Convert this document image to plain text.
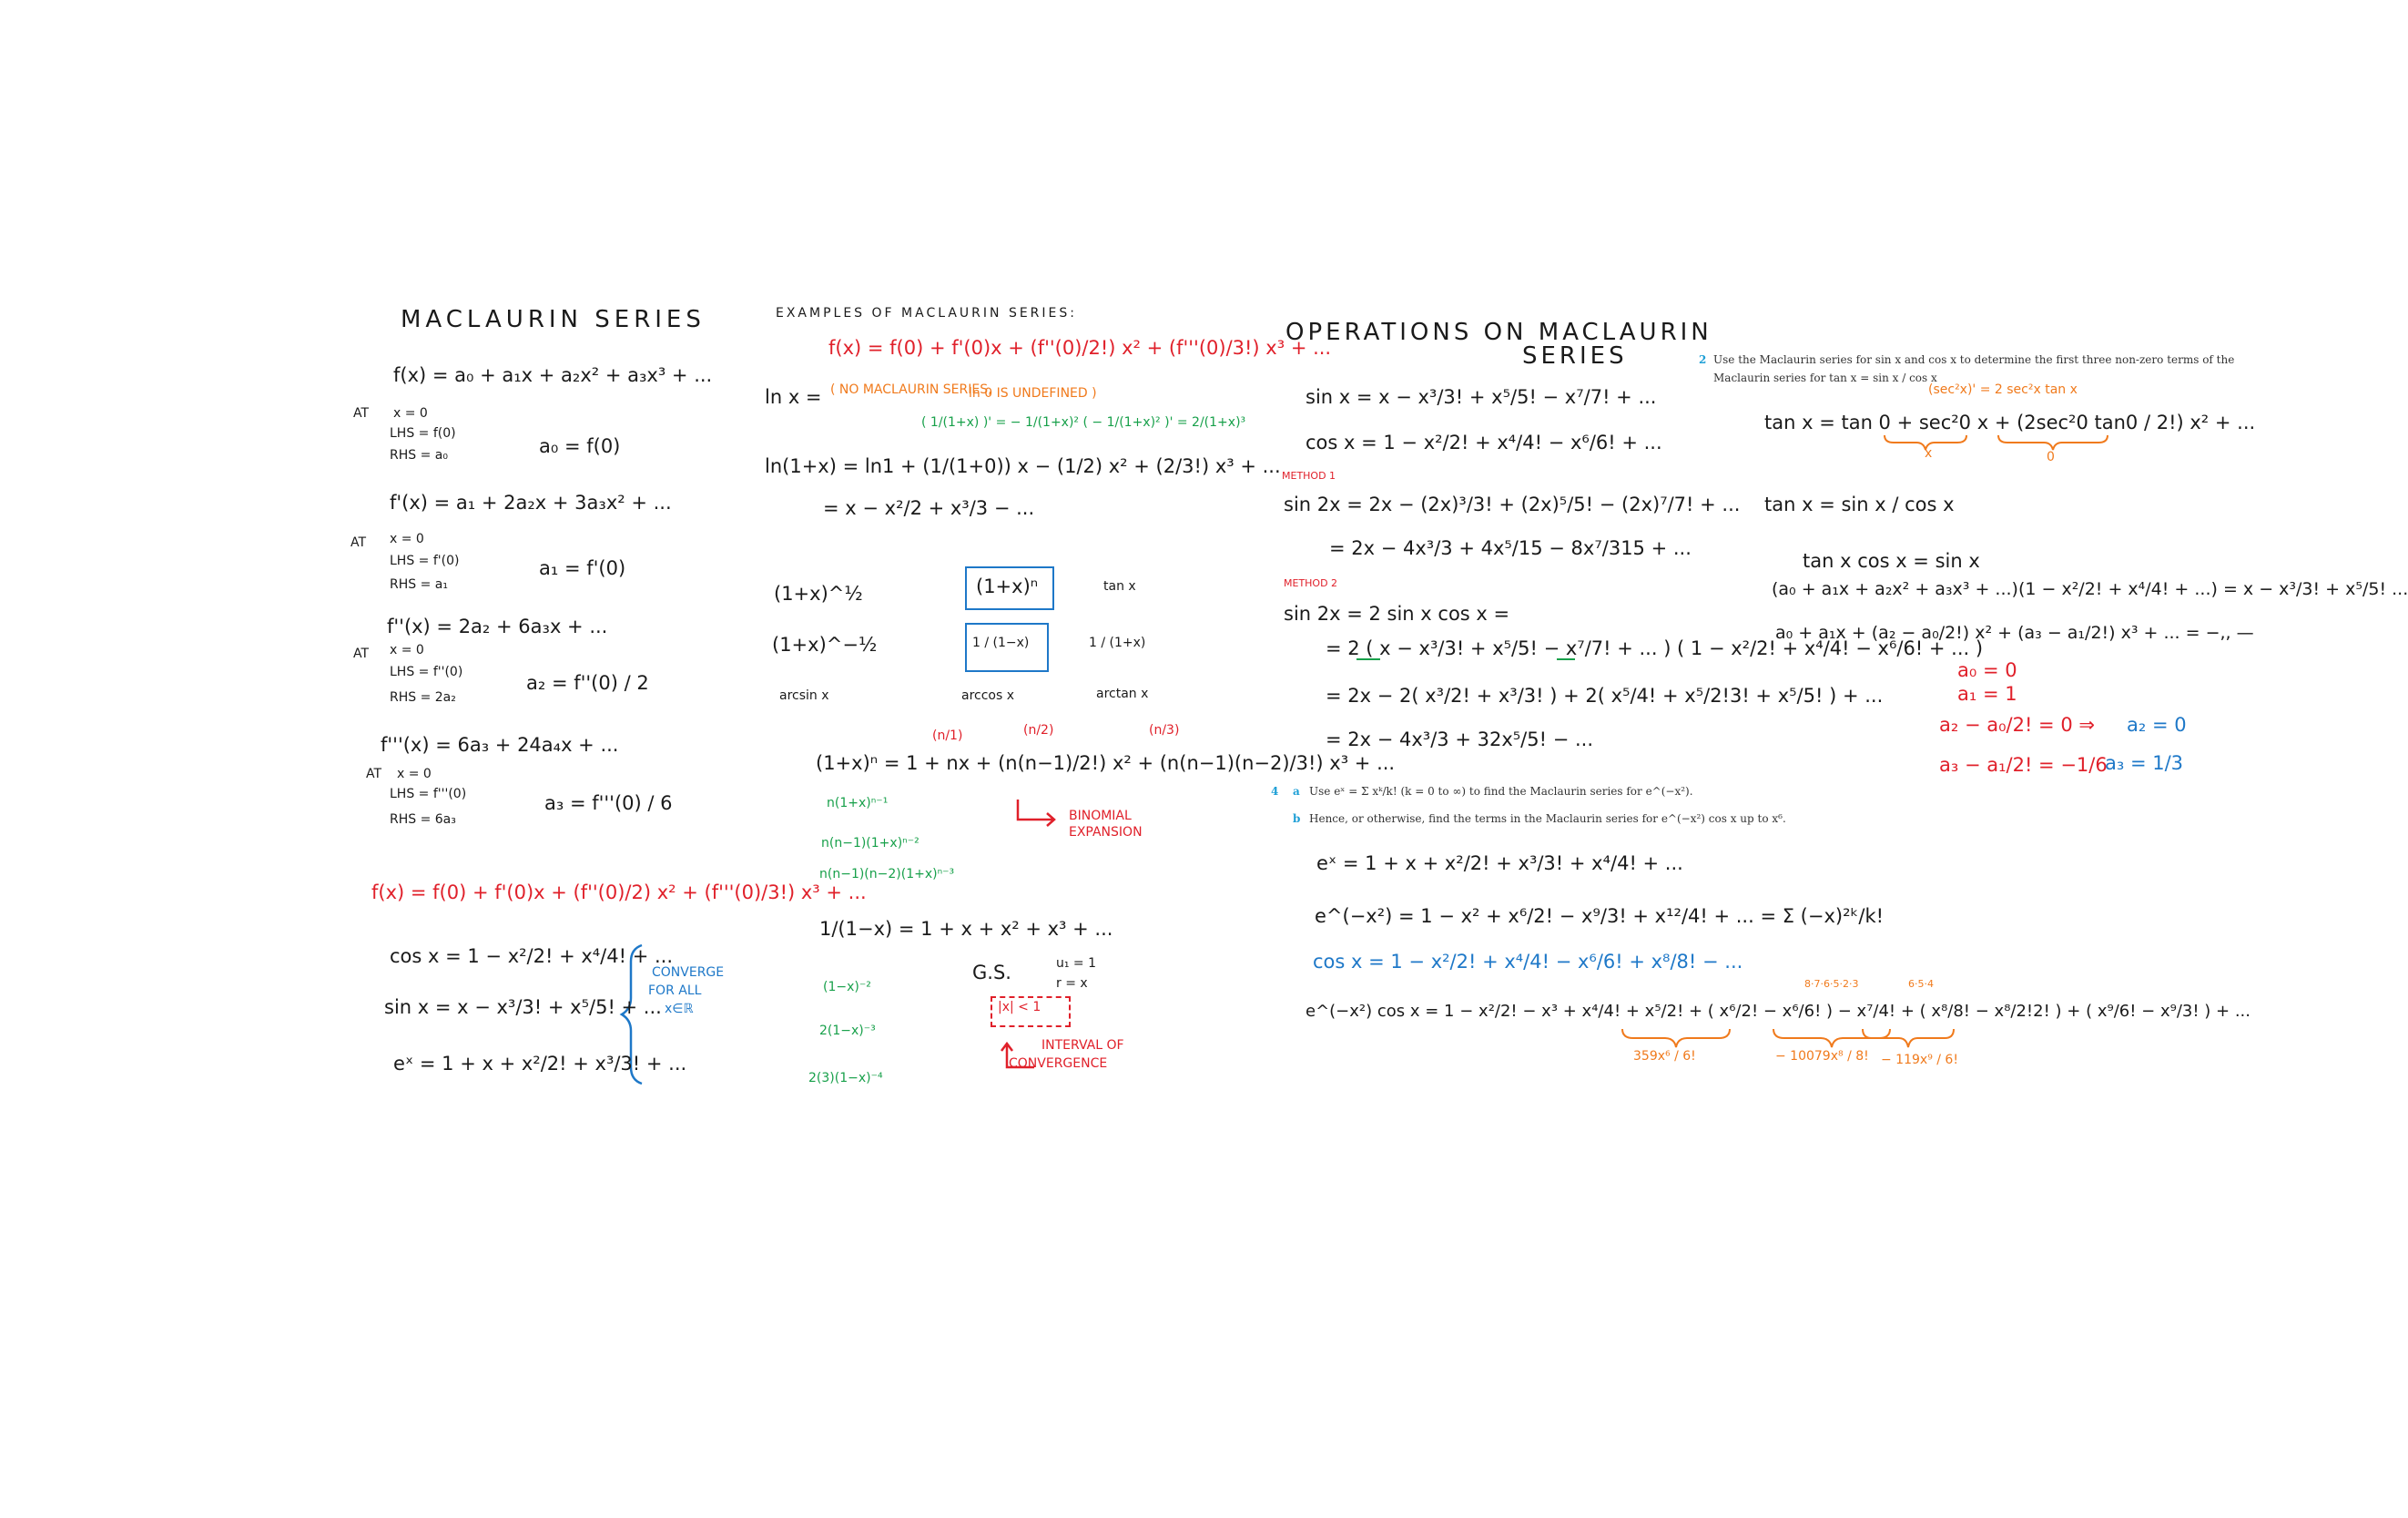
MACLAURIN SERIES
f(x) = a₀ + a₁x + a₂x² + a₃x³ + ...
AT x = 0
LHS = f(0)
RHS = a₀	a₀ = f(0)
f'(x) = a₁ + 2a₂x + 3a₃x² + ...
AT x = 0
LHS = f'(0)
RHS = a₁
a₁ = f'(0)
f''(x) = 2a₂ + 6a₃x + ...
AT x = 0
LHS = f''(0)
RHS = 2a₂
a₂ = f''(0) / 2
f'''(x) = 6a₃ + 24a₄x + ...
AT x = 0
LHS = f'''(0)
RHS = 6a₃
a₃ = f'''(0) / 6
f(x) = f(0) + f'(0)x + (f''(0)/2) x² + (f'''(0)/3!) x³ + ...
cos x = 1 − x²/2! + x⁴/4! + ...
sin x = x − x³/3! + x⁵/5! + ...
eˣ = 1 + x + x²/2! + x³/3! + ...
CONVERGE
FOR ALL
x∈ℝ
EXAMPLES OF MACLAURIN SERIES:
f(x) = f(0) + f'(0)x + (f''(0)/2!) x² + (f'''(0)/3!) x³ + ...
ln x = ( NO MACLAURIN SERIES,
ln 0 IS UNDEFINED )
( 1/(1+x) )' = − 1/(1+x)² ( − 1/(1+x)² )' = 2/(1+x)³
ln(1+x) = ln1 + (1/(1+0)) x − (1/2) x² + (2/3!) x³ + ...
= x − x²/2 + x³/3 − ...
(1+x)^½	(1+x)ⁿ	tan x
(1+x)^−½	1 / (1−x)	1 / (1+x)
arcsin x	arccos x	arctan x
(n/1)	(n/2)	(n/3)
(1+x)ⁿ = 1 + nx + (n(n−1)/2!) x² + (n(n−1)(n−2)/3!) x³ + ...
n(1+x)ⁿ⁻¹
n(n−1)(1+x)ⁿ⁻²
n(n−1)(n−2)(1+x)ⁿ⁻³
BINOMIAL
EXPANSION
1/(1−x) = 1 + x + x² + x³ + ...
G.S.	u₁ = 1
r = x
(1−x)⁻²
|x| < 1
2(1−x)⁻³
INTERVAL OF
CONVERGENCE
2(3)(1−x)⁻⁴
OPERATIONS ON MACLAURIN
SERIES
sin x = x − x³/3! + x⁵/5! − x⁷/7! + ...
cos x = 1 − x²/2! + x⁴/4! − x⁶/6! + ...
METHOD 1
sin 2x = 2x − (2x)³/3! + (2x)⁵/5! − (2x)⁷/7! + ...
= 2x − 4x³/3 + 4x⁵/15 − 8x⁷/315 + ...
METHOD 2
sin 2x = 2 sin x cos x =
= 2 ( x − x³/3! + x⁵/5! − x⁷/7! + ... ) ( 1 − x²/2! + x⁴/4! − x⁶/6! + ... )
= 2x − 2( x³/2! + x³/3! ) + 2( x⁵/4! + x⁵/2!3! + x⁵/5! ) + ...
= 2x − 4x³/3 + 32x⁵/5! − ...
4 a Use eˣ = Σ xᵏ/k! (k = 0 to ∞) to find the Maclaurin series for e^(−x²).
b Hence, or otherwise, find the terms in the Maclaurin series for e^(−x²) cos x up to x⁶.
eˣ = 1 + x + x²/2! + x³/3! + x⁴/4! + ...
e^(−x²) = 1 − x² + x⁶/2! − x⁹/3! + x¹²/4! + ... = Σ (−x)²ᵏ/k!
cos x = 1 − x²/2! + x⁴/4! − x⁶/6! + x⁸/8! − ...
8·7·6·5·2·3	6·5·4
e^(−x²) cos x = 1 − x²/2! − x³ + x⁴/4! + x⁵/2! + ( x⁶/2! − x⁶/6! ) − x⁷/4! + ( x⁸/8! − x⁸/2!2! ) + ( x⁹/6! − x⁹/3! ) + ...
359x⁶ / 6!	− 10079x⁸ / 8! − 119x⁹ / 6!
2 Use the Maclaurin series for sin x and cos x to determine the first three non-zero terms of the
Maclaurin series for tan x = sin x / cos x
(sec²x)' = 2 sec²x tan x
tan x = tan 0 + sec²0 x + (2sec²0 tan0 / 2!) x² + ...
x	0
tan x = sin x / cos x
tan x cos x = sin x
(a₀ + a₁x + a₂x² + a₃x³ + ...)(1 − x²/2! + x⁴/4! + ...) = x − x³/3! + x⁵/5! ...
a₀ + a₁x + (a₂ − a₀/2!) x² + (a₃ − a₁/2!) x³ + ... = −,, —
a₀ = 0
a₁ = 1
a₂ − a₀/2! = 0 ⇒ a₂ = 0
a₃ − a₁/2! = −1/6
a₃ = 1/3
